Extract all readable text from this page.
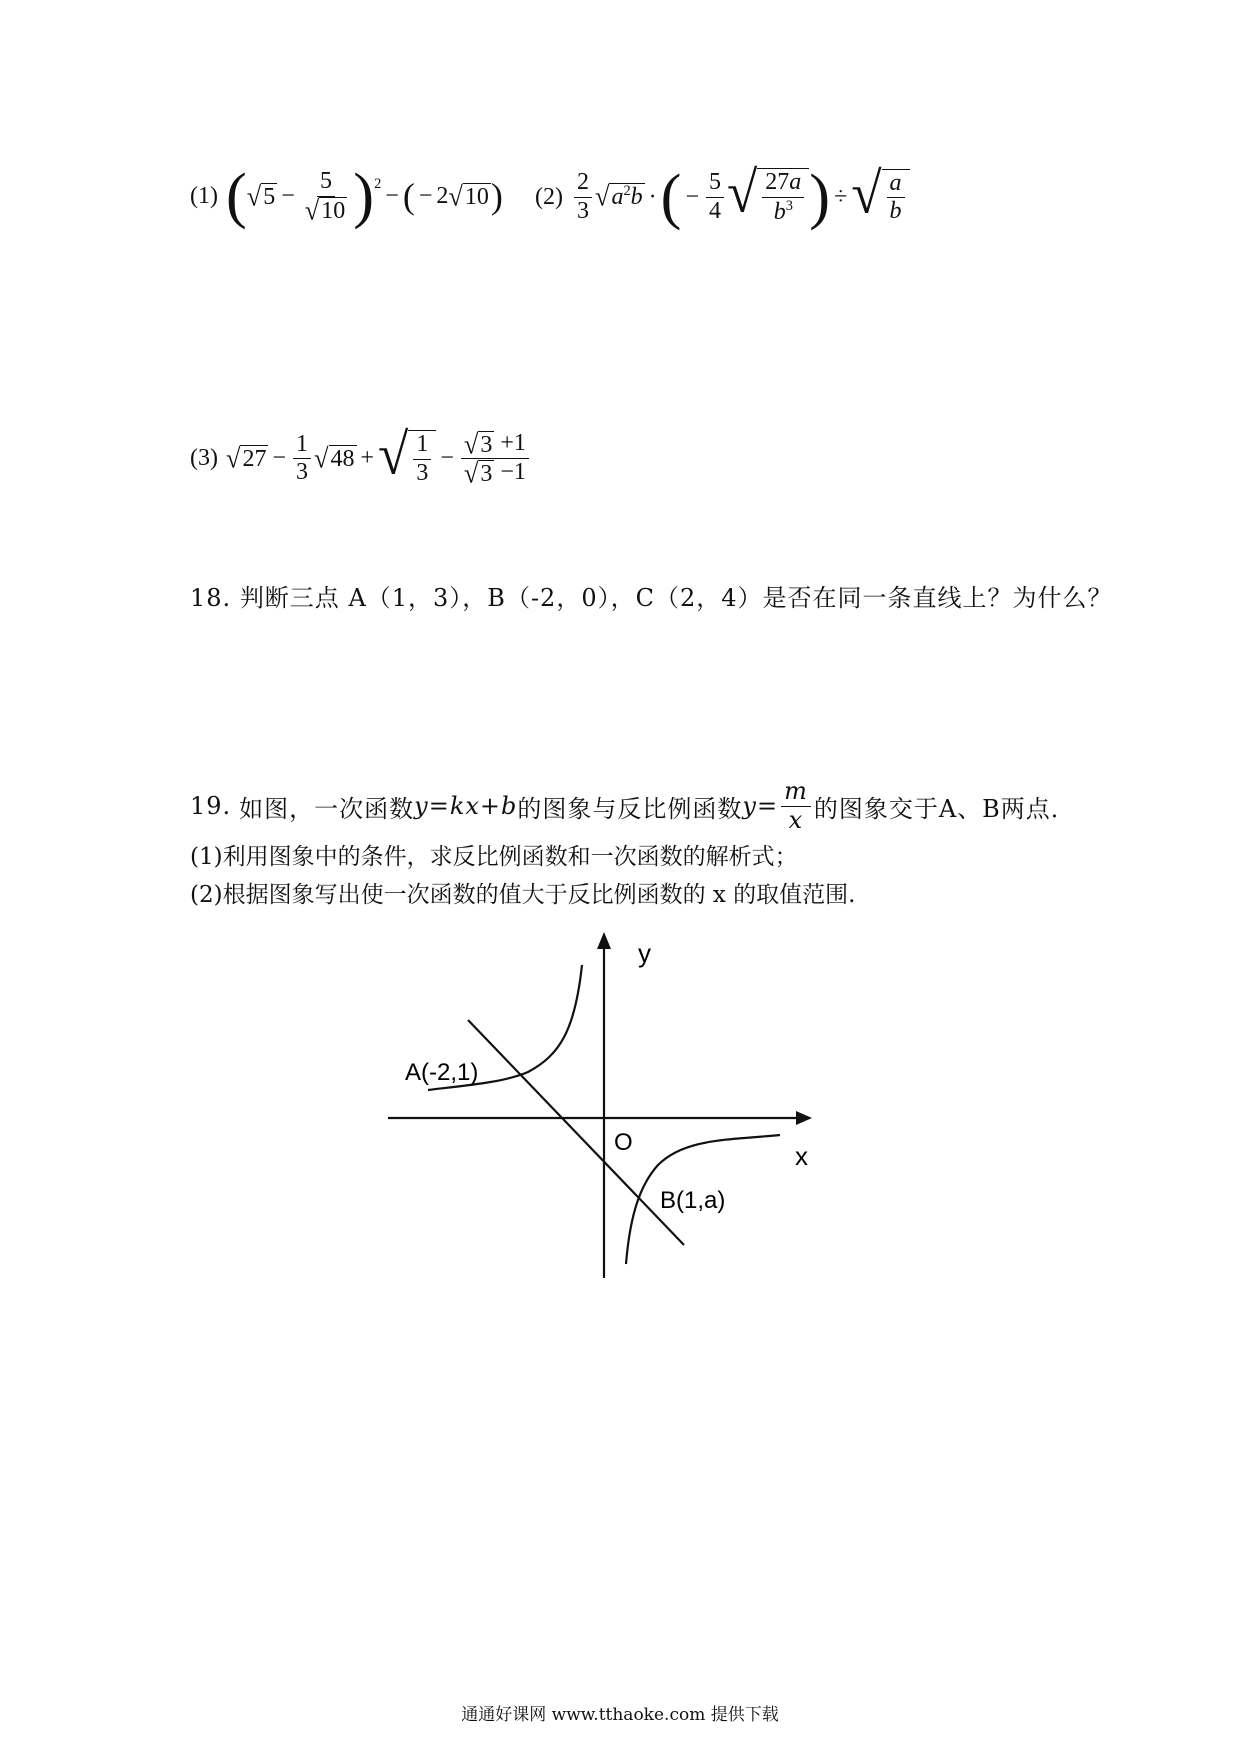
(1) ( √ $5 - \frac{5}{√ 10} )^2$ − ( − 2 √ 10 ) $(2) \frac{2}{3}$ √ $a^2b$ · ( − $\frac{5}{4}$ √ $\frac{27a}{b^3}$ ) ÷ √ $\frac{a}{b}$
(3) √ $27 - \frac{1}{3}$ √ 48 + √ $\frac{1}{3} - \frac{√ 3 +1}{√ 3 -1}$
18. 判断三点 A（1，3），B（-2，0），C（2，4）是否在同一条直线上？为什么？
19. 如图，一次函数 y=kx+b 的图象与反比例函数 $y= \frac{m}{x}$ 的图象交于A、B两点．
(1)利用图象中的条件，求反比例函数和一次函数的解析式；
(2)根据图象写出使一次函数的值大于反比例函数的 x 的取值范围.
y
x
O
A(-2,1)
B(1,a)
通通好课网 www.tthaoke.com 提供下载
